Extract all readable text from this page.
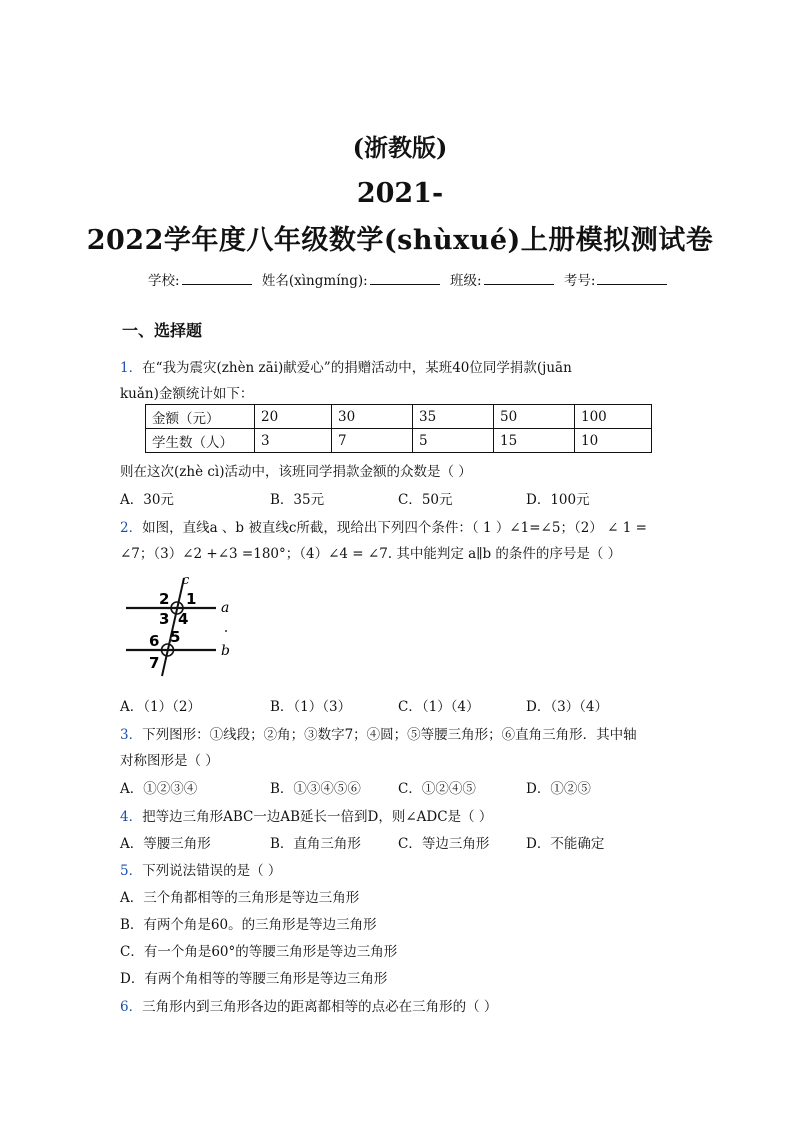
(浙教版)
2021-
2022学年度八年级数学(shùxué)上册模拟测试卷
学校:	姓名(xìngmíng):	班级:	考号:
一、选择题
1．在“我为震灾(zhèn zāi)献爱心”的捐赠活动中，某班40位同学捐款(juān
kuǎn)金额统计如下：
金额（元）	20	30	35	50	100
学生数（人）	3	7	5	15	10
则在这次(zhè cì)活动中，该班同学捐款金额的众数是（ ）
A．30元	B．35元	C．50元	D．100元
2．如图，直线a 、b 被直线c所截，现给出下列四个条件：（ 1 ）∠1=∠5；（2） ∠ 1 =
∠7；（3）∠2 +∠3 =180°；（4）∠4 = ∠7. 其中能判定 a∥b 的条件的序号是（ ）
c
a
b
2 1
3 4
6 5
7
A．（1）（2）	B．（1）（3）	C．（1）（4）	D．（3）（4）
3．下列图形：①线段；②角；③数字7；④圆；⑤等腰三角形；⑥直角三角形．其中轴
对称图形是（ ）
A．①②③④	B．①③④⑤⑥	C．①②④⑤	D．①②⑤
4．把等边三角形ABC一边AB延长一倍到D，则∠ADC是（ ）
A．等腰三角形	B．直角三角形	C．等边三角形	D．不能确定
5．下列说法错误的是（ ）
A．三个角都相等的三角形是等边三角形
B．有两个角是60。的三角形是等边三角形
C．有一个角是60°的等腰三角形是等边三角形
D．有两个角相等的等腰三角形是等边三角形
6．三角形内到三角形各边的距离都相等的点必在三角形的（ ）
